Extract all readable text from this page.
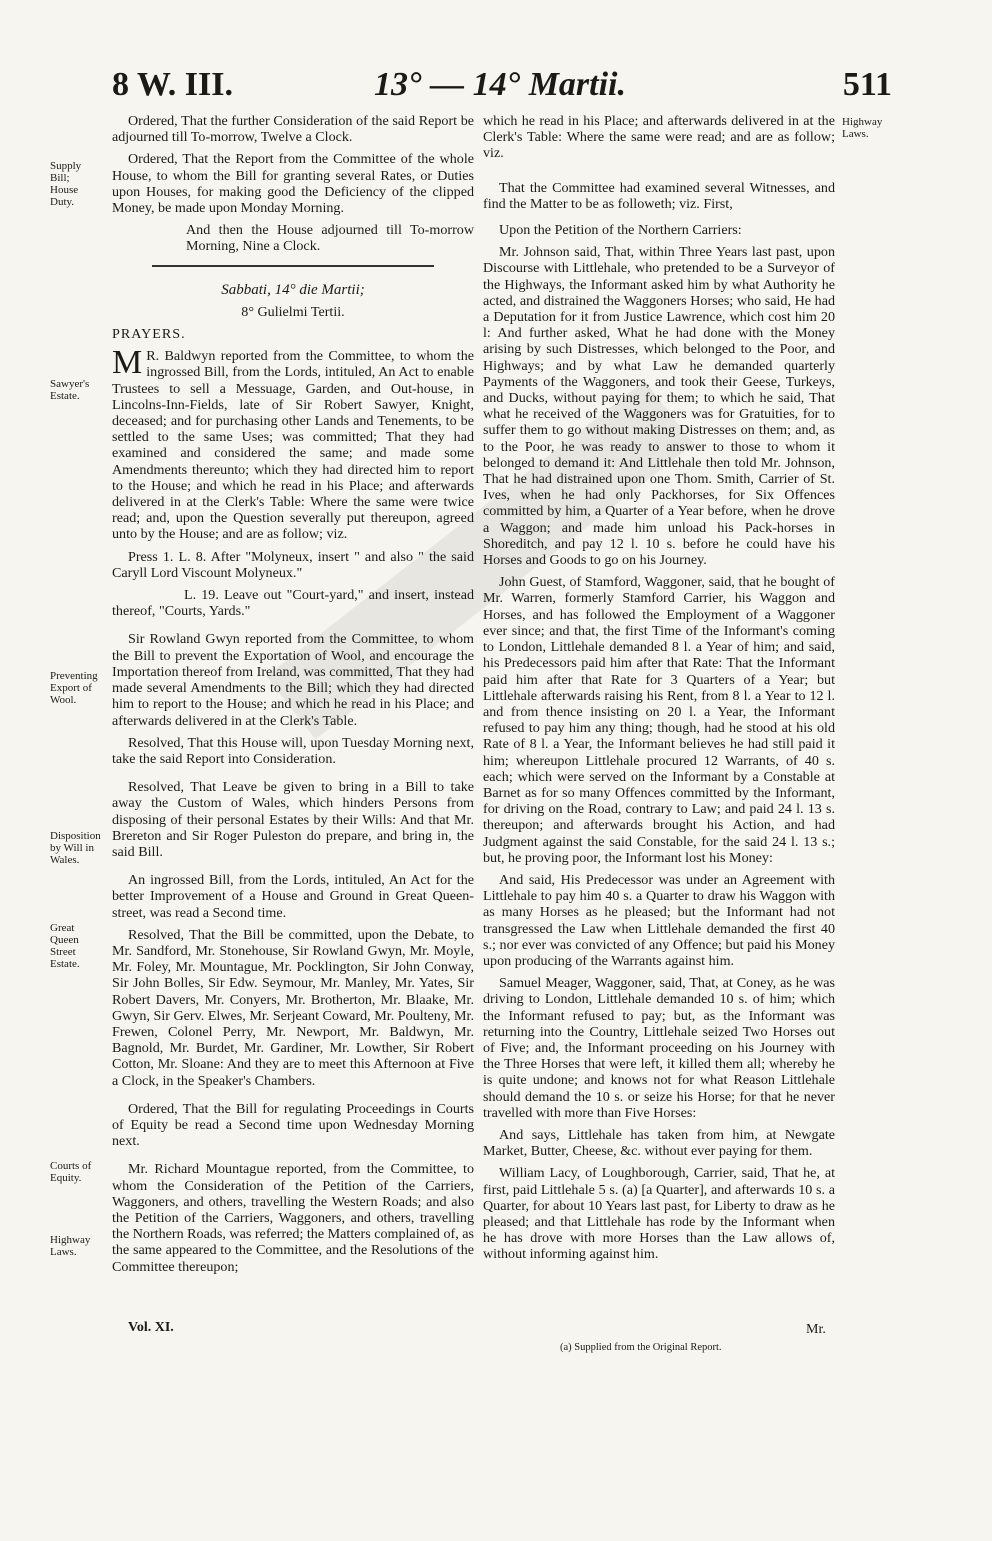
8 W. III.	13° — 14° Martii.	511
Supply Bill; House Duty.
Sawyer's Estate.
Preventing Export of Wool.
Disposition by Will in Wales.
Great Queen Street Estate.
Courts of Equity.
Highway Laws.
Highway Laws.

Ordered, That the further Consideration of the said Report be adjourned till To-morrow, Twelve a Clock.

Ordered, That the Report from the Committee of the whole House, to whom the Bill for granting several Rates, or Duties upon Houses, for making good the Deficiency of the clipped Money, be made upon Monday Morning.

And then the House adjourned till To-morrow Morning, Nine a Clock.

Sabbati, 14° die Martii;

8° Gulielmi Tertii.

PRAYERS.

M R. Baldwyn reported from the Committee, to whom the ingrossed Bill, from the Lords, intituled, An Act to enable Trustees to sell a Messuage, Garden, and Out-house, in Lincolns-Inn-Fields, late of Sir Robert Sawyer, Knight, deceased; and for purchasing other Lands and Tenements, to be settled to the same Uses; was committed; That they had examined and considered the same; and made some Amendments thereunto; which they had directed him to report to the House; and which he read in his Place; and afterwards delivered in at the Clerk's Table: Where the same were twice read; and, upon the Question severally put thereupon, agreed unto by the House; and are as follow; viz.

Press 1. L. 8. After "Molyneux, insert " and also " the said Caryll Lord Viscount Molyneux."

L. 19. Leave out "Court-yard," and insert, instead thereof, "Courts, Yards."

Sir Rowland Gwyn reported from the Committee, to whom the Bill to prevent the Exportation of Wool, and encourage the Importation thereof from Ireland, was committed, That they had made several Amendments to the Bill; which they had directed him to report to the House; and which he read in his Place; and afterwards delivered in at the Clerk's Table.

Resolved, That this House will, upon Tuesday Morning next, take the said Report into Consideration.

Resolved, That Leave be given to bring in a Bill to take away the Custom of Wales, which hinders Persons from disposing of their personal Estates by their Wills: And that Mr. Brereton and Sir Roger Puleston do prepare, and bring in, the said Bill.

An ingrossed Bill, from the Lords, intituled, An Act for the better Improvement of a House and Ground in Great Queen-street, was read a Second time.

Resolved, That the Bill be committed, upon the Debate, to Mr. Sandford, Mr. Stonehouse, Sir Rowland Gwyn, Mr. Moyle, Mr. Foley, Mr. Mountague, Mr. Pocklington, Sir John Conway, Sir John Bolles, Sir Edw. Seymour, Mr. Manley, Mr. Yates, Sir Robert Davers, Mr. Conyers, Mr. Brotherton, Mr. Blaake, Mr. Gwyn, Sir Gerv. Elwes, Mr. Serjeant Coward, Mr. Poulteny, Mr. Frewen, Colonel Perry, Mr. Newport, Mr. Baldwyn, Mr. Bagnold, Mr. Burdet, Mr. Gardiner, Mr. Lowther, Sir Robert Cotton, Mr. Sloane: And they are to meet this Afternoon at Five a Clock, in the Speaker's Chambers.

Ordered, That the Bill for regulating Proceedings in Courts of Equity be read a Second time upon Wednesday Morning next.

Mr. Richard Mountague reported, from the Committee, to whom the Consideration of the Petition of the Carriers, Waggoners, and others, travelling the Western Roads; and also the Petition of the Carriers, Waggoners, and others, travelling the Northern Roads, was referred; the Matters complained of, as the same appeared to the Committee, and the Resolutions of the Committee thereupon;

which he read in his Place; and afterwards delivered in at the Clerk's Table: Where the same were read; and are as follow; viz.

That the Committee had examined several Witnesses, and find the Matter to be as followeth; viz. First,

Upon the Petition of the Northern Carriers:

Mr. Johnson said, That, within Three Years last past, upon Discourse with Littlehale, who pretended to be a Surveyor of the Highways, the Informant asked him by what Authority he acted, and distrained the Waggoners Horses; who said, He had a Deputation for it from Justice Lawrence, which cost him 20 l: And further asked, What he had done with the Money arising by such Distresses, which belonged to the Poor, and Highways; and by what Law he demanded quarterly Payments of the Waggoners, and took their Geese, Turkeys, and Ducks, without paying for them; to which he said, That what he received of the Waggoners was for Gratuities, for to suffer them to go without making Distresses on them; and, as to the Poor, he was ready to answer to those to whom it belonged to demand it: And Littlehale then told Mr. Johnson, That he had distrained upon one Thom. Smith, Carrier of St. Ives, when he had only Packhorses, for Six Offences committed by him, a Quarter of a Year before, when he drove a Waggon; and made him unload his Pack-horses in Shoreditch, and pay 12 l. 10 s. before he could have his Horses and Goods to go on his Journey.

John Guest, of Stamford, Waggoner, said, that he bought of Mr. Warren, formerly Stamford Carrier, his Waggon and Horses, and has followed the Employment of a Waggoner ever since; and that, the first Time of the Informant's coming to London, Littlehale demanded 8 l. a Year of him; and said, his Predecessors paid him after that Rate: That the Informant paid him after that Rate for 3 Quarters of a Year; but Littlehale afterwards raising his Rent, from 8 l. a Year to 12 l. and from thence insisting on 20 l. a Year, the Informant refused to pay him any thing; though, had he stood at his old Rate of 8 l. a Year, the Informant believes he had still paid it him; whereupon Littlehale procured 12 Warrants, of 40 s. each; which were served on the Informant by a Constable at Barnet as for so many Offences committed by the Informant, for driving on the Road, contrary to Law; and paid 24 l. 13 s. thereupon; and afterwards brought his Action, and had Judgment against the said Constable, for the said 24 l. 13 s.; but, he proving poor, the Informant lost his Money:

And said, His Predecessor was under an Agreement with Littlehale to pay him 40 s. a Quarter to draw his Waggon with as many Horses as he pleased; but the Informant had not transgressed the Law when Littlehale demanded the first 40 s.; nor ever was convicted of any Offence; but paid his Money upon producing of the Warrants against him.

Samuel Meager, Waggoner, said, That, at Coney, as he was driving to London, Littlehale demanded 10 s. of him; which the Informant refused to pay; but, as the Informant was returning into the Country, Littlehale seized Two Horses out of Five; and, the Informant proceeding on his Journey with the Three Horses that were left, it killed them all; whereby he is quite undone; and knows not for what Reason Littlehale should demand the 10 s. or seize his Horse; for that he never travelled with more than Five Horses:

And says, Littlehale has taken from him, at Newgate Market, Butter, Cheese, &c. without ever paying for them.

William Lacy, of Loughborough, Carrier, said, That he, at first, paid Littlehale 5 s. (a) [a Quarter], and afterwards 10 s. a Quarter, for about 10 Years last past, for Liberty to draw as he pleased; and that Littlehale has rode by the Informant when he has drove with more Horses than the Law allows of, without informing against him.

Vol. XI.	Mr.
(a) Supplied from the Original Report.
